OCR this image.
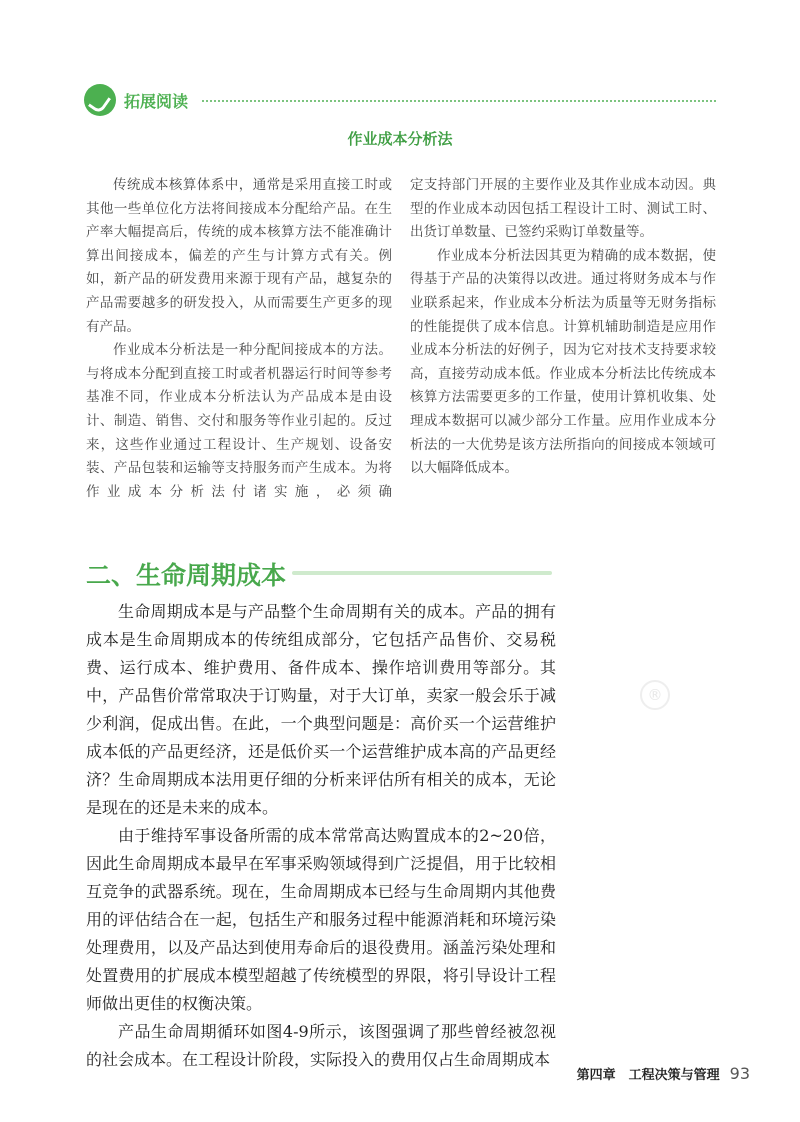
拓展阅读
作业成本分析法

传统成本核算体系中，通常是采用直接工时或其他一些单位化方法将间接成本分配给产品。在生产率大幅提高后，传统的成本核算方法不能准确计算出间接成本，偏差的产生与计算方式有关。例如，新产品的研发费用来源于现有产品，越复杂的产品需要越多的研发投入，从而需要生产更多的现有产品。

作业成本分析法是一种分配间接成本的方法。与将成本分配到直接工时或者机器运行时间等参考基准不同，作业成本分析法认为产品成本是由设计、制造、销售、交付和服务等作业引起的。反过来，这些作业通过工程设计、生产规划、设备安装、产品包装和运输等支持服务而产生成本。为将作业成本分析法付诸实施，必须确

定支持部门开展的主要作业及其作业成本动因。典型的作业成本动因包括工程设计工时、测试工时、出货订单数量、已签约采购订单数量等。

作业成本分析法因其更为精确的成本数据，使得基于产品的决策得以改进。通过将财务成本与作业联系起来，作业成本分析法为质量等无财务指标的性能提供了成本信息。计算机辅助制造是应用作业成本分析法的好例子，因为它对技术支持要求较高，直接劳动成本低。作业成本分析法比传统成本核算方法需要更多的工作量，使用计算机收集、处理成本数据可以减少部分工作量。应用作业成本分析法的一大优势是该方法所指向的间接成本领域可以大幅降低成本。

二、生命周期成本

生命周期成本是与产品整个生命周期有关的成本。产品的拥有成本是生命周期成本的传统组成部分，它包括产品售价、交易税费、运行成本、维护费用、备件成本、操作培训费用等部分。其中，产品售价常常取决于订购量，对于大订单，卖家一般会乐于减少利润，促成出售。在此，一个典型问题是：高价买一个运营维护成本低的产品更经济，还是低价买一个运营维护成本高的产品更经济？生命周期成本法用更仔细的分析来评估所有相关的成本，无论是现在的还是未来的成本。

由于维持军事设备所需的成本常常高达购置成本的2~20倍，因此生命周期成本最早在军事采购领域得到广泛提倡，用于比较相互竞争的武器系统。现在，生命周期成本已经与生命周期内其他费用的评估结合在一起，包括生产和服务过程中能源消耗和环境污染处理费用，以及产品达到使用寿命后的退役费用。涵盖污染处理和处置费用的扩展成本模型超越了传统模型的界限，将引导设计工程师做出更佳的权衡决策。

产品生命周期循环如图4-9所示，该图强调了那些曾经被忽视的社会成本。在工程设计阶段，实际投入的费用仅占生命周期成本

®
第四章　工程决策与管理 93
